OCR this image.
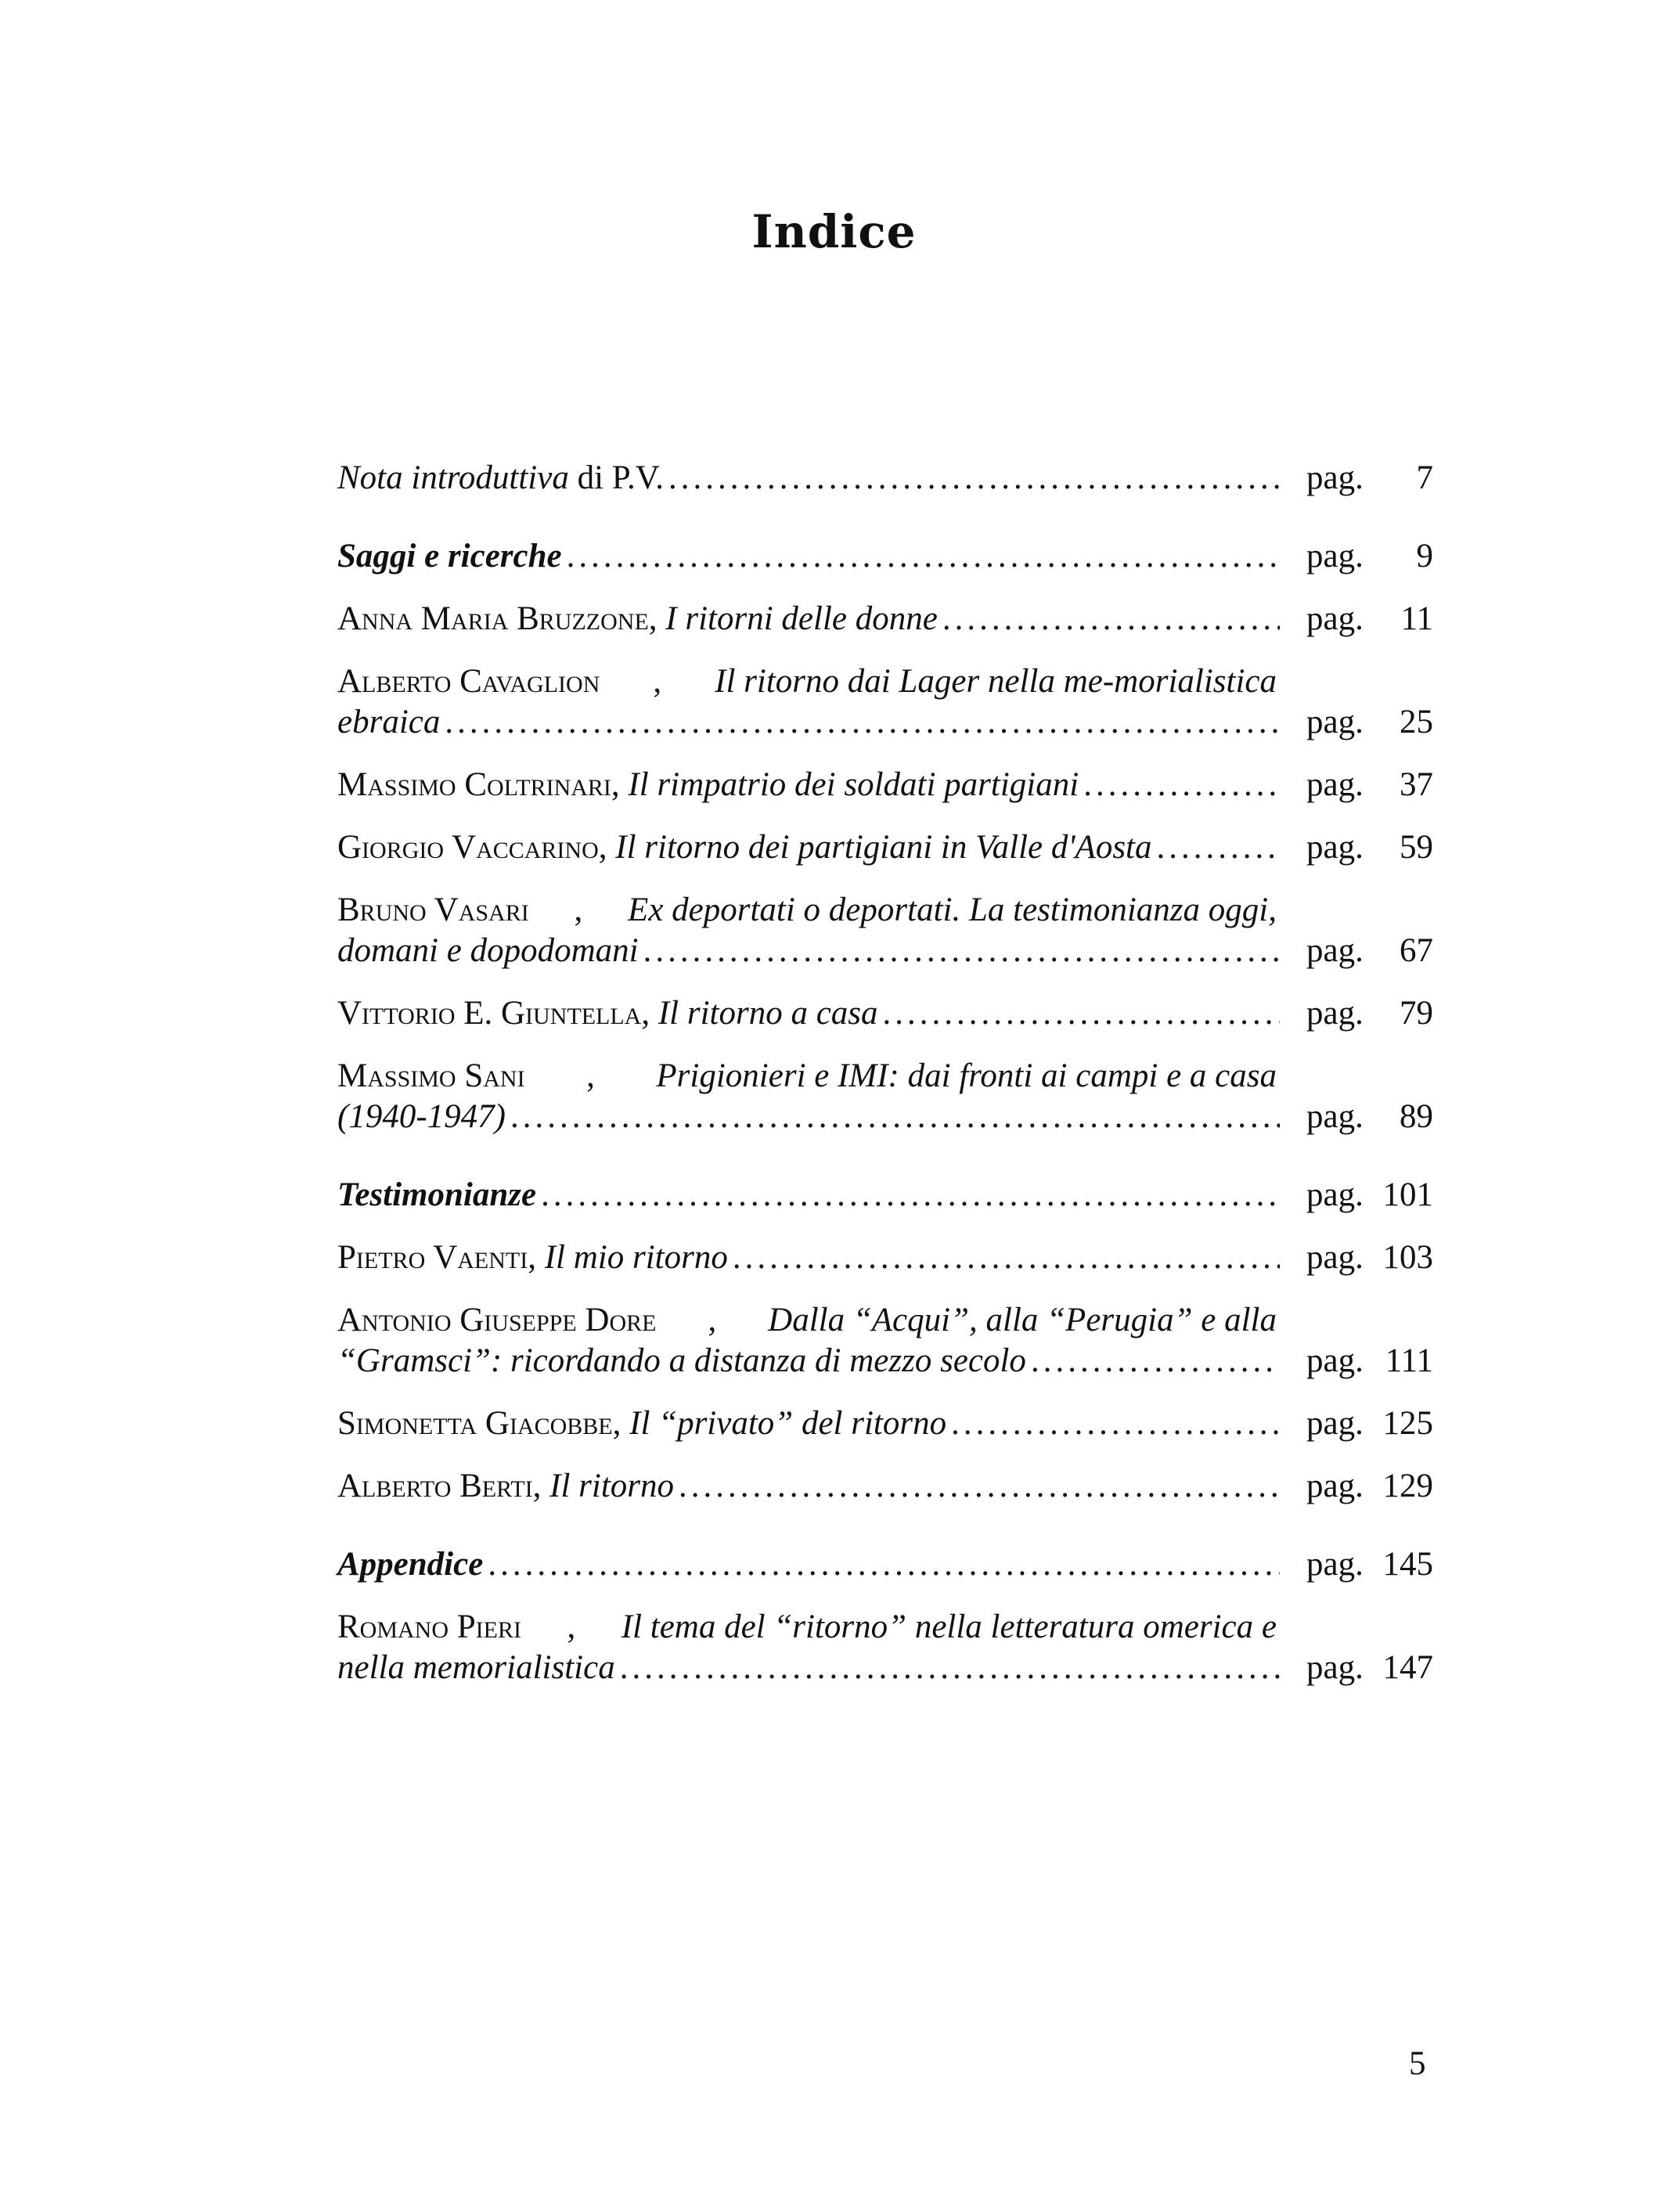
Indice
Nota introduttiva di P.V. .....	pag. 7
Saggi e ricerche .....	pag. 9
Anna Maria Bruzzone, I ritorni delle donne .....	pag. 11
Alberto Cavaglion , Il ritorno dai Lager nella me-morialistica
ebraica .....	pag. 25
Massimo Coltrinari, Il rimpatrio dei soldati partigiani .....	pag. 37
Giorgio Vaccarino, Il ritorno dei partigiani in Valle d'Aosta .....	pag. 59
Bruno Vasari , Ex deportati o deportati. La testimonianza oggi,
domani e dopodomani .....	pag. 67
Vittorio E. Giuntella, Il ritorno a casa .....	pag. 79
Massimo Sani , Prigionieri e IMI: dai fronti ai campi e a casa
(1940-1947) .....	pag. 89
Testimonianze .....	pag. 101
Pietro Vaenti, Il mio ritorno .....	pag. 103
Antonio Giuseppe Dore , Dalla “Acqui”, alla “Perugia” e alla
“Gramsci”: ricordando a distanza di mezzo secolo .....	pag. 111
Simonetta Giacobbe, Il “privato” del ritorno .....	pag. 125
Alberto Berti, Il ritorno .....	pag. 129
Appendice .....	pag. 145
Romano Pieri , Il tema del “ritorno” nella letteratura omerica e
nella memorialistica .....	pag. 147
5
